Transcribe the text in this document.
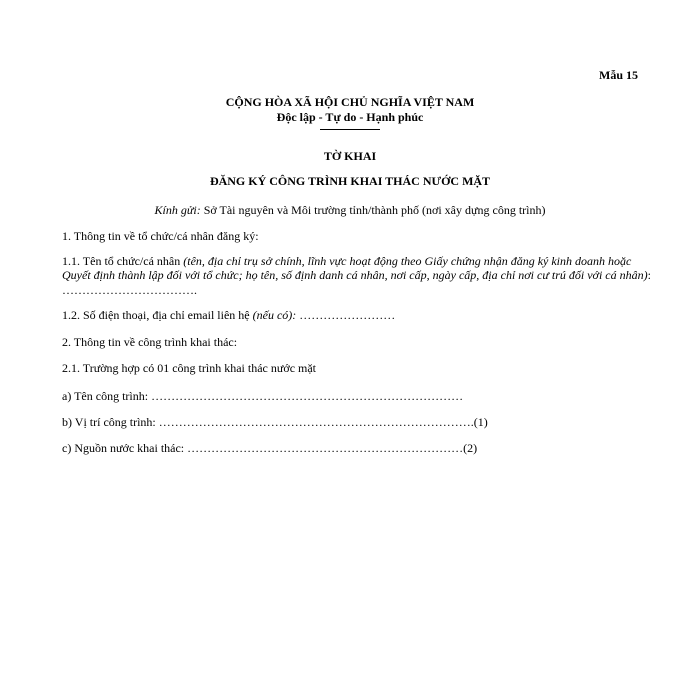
Mẫu 15
CỘNG HÒA XÃ HỘI CHỦ NGHĨA VIỆT NAM
Độc lập - Tự do - Hạnh phúc
TỜ KHAI
ĐĂNG KÝ CÔNG TRÌNH KHAI THÁC NƯỚC MẶT
Kính gửi: Sở Tài nguyên và Môi trường tỉnh/thành phố (nơi xây dựng công trình)
1. Thông tin về tổ chức/cá nhân đăng ký:
1.1. Tên tổ chức/cá nhân (tên, địa chỉ trụ sở chính, lĩnh vực hoạt động theo Giấy chứng nhận đăng ký kinh doanh hoặc
Quyết định thành lập đối với tổ chức; họ tên, số định danh cá nhân, nơi cấp, ngày cấp, địa chỉ nơi cư trú đối với cá nhân):
…………………………….
1.2. Số điện thoại, địa chỉ email liên hệ (nếu có): ……………………
2. Thông tin về công trình khai thác:
2.1. Trường hợp có 01 công trình khai thác nước mặt
a) Tên công trình: ……………………………………………………………………
b) Vị trí công trình: …………………………………………………………………….(1)
c) Nguồn nước khai thác: ……………………………………………………………(2)
